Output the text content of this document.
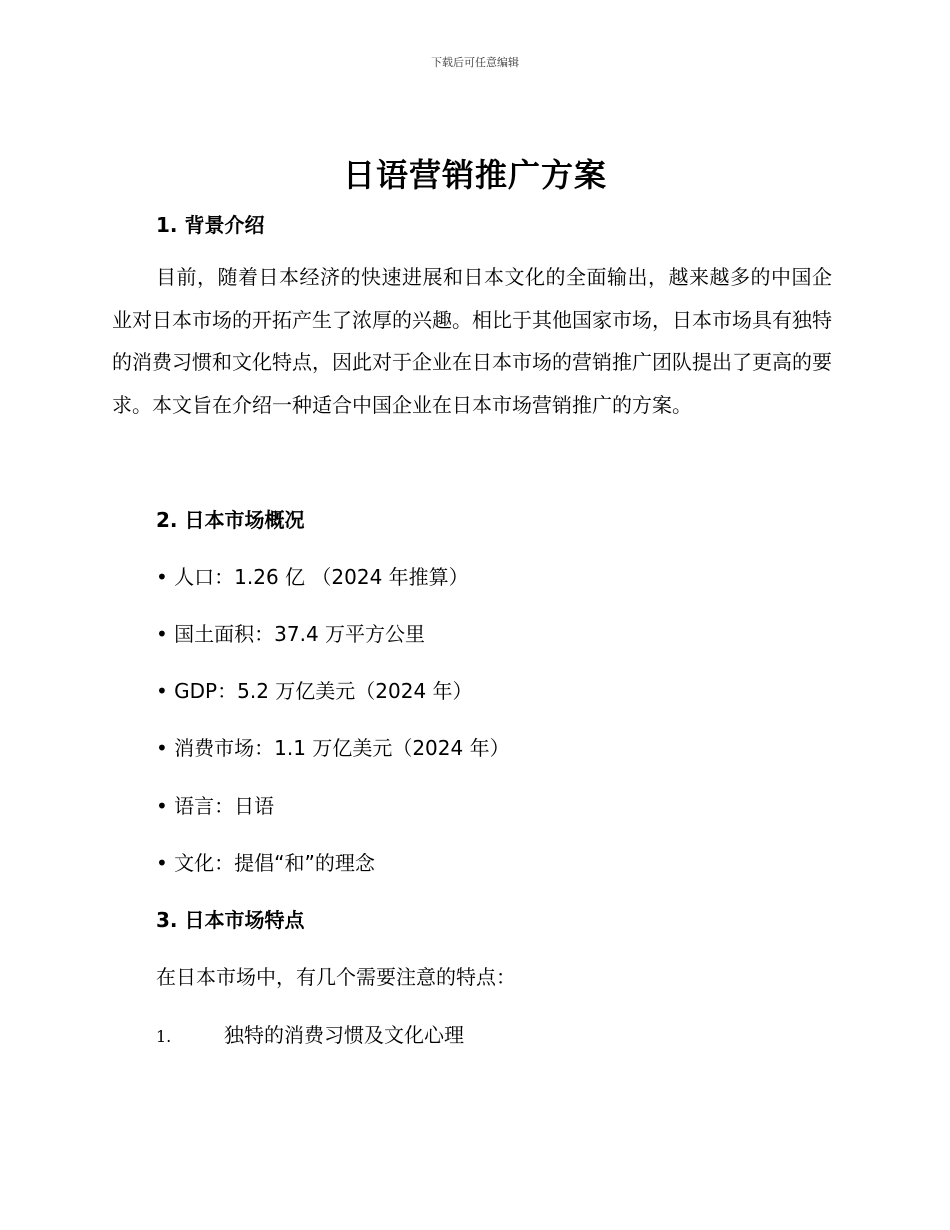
下载后可任意编辑
日语营销推广方案
1. 背景介绍

目前，随着日本经济的快速进展和日本文化的全面输出，越来越多的中国企业对日本市场的开拓产生了浓厚的兴趣。相比于其他国家市场，日本市场具有独特的消费习惯和文化特点，因此对于企业在日本市场的营销推广团队提出了更高的要求。本文旨在介绍一种适合中国企业在日本市场营销推广的方案。

2. 日本市场概况
• 人口：1.26 亿 （2024 年推算）
• 国土面积：37.4 万平方公里
• GDP：5.2 万亿美元（2024 年）
• 消费市场：1.1 万亿美元（2024 年）
• 语言：日语
• 文化：提倡“和”的理念
3. 日本市场特点
在日本市场中，有几个需要注意的特点：
1.	独特的消费习惯及文化心理
